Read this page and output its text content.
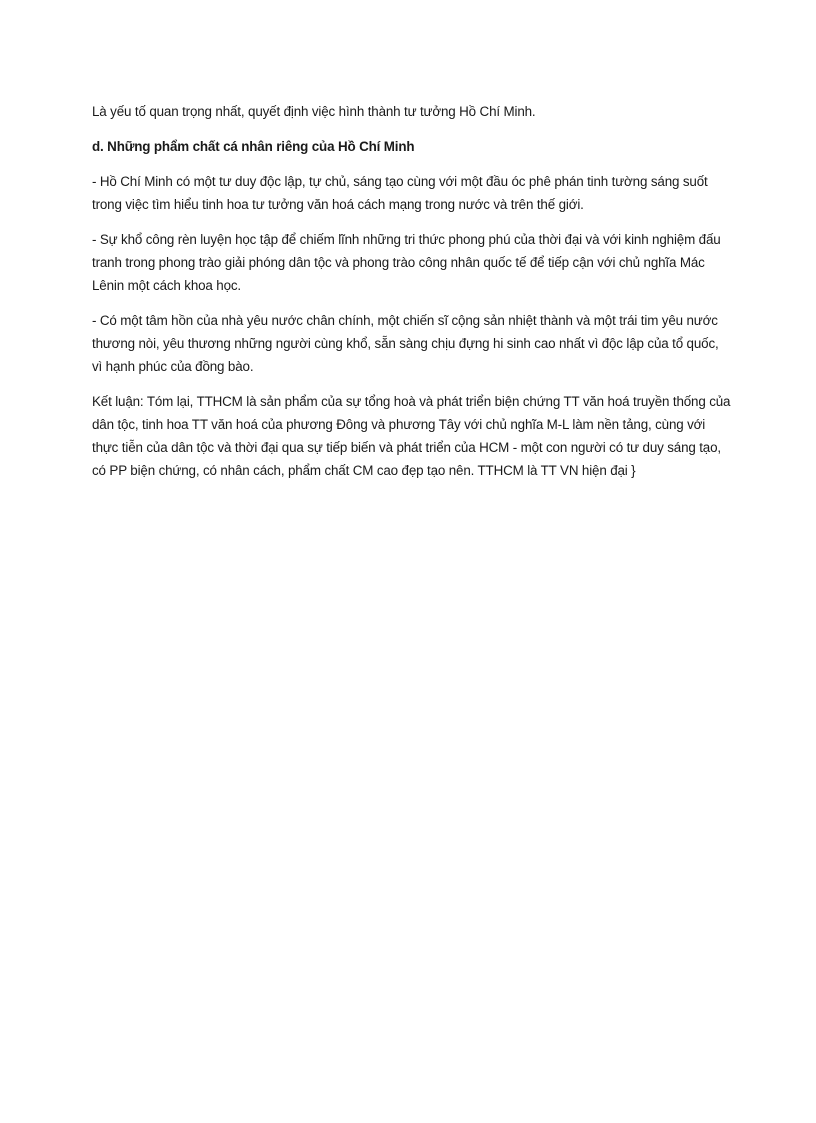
Là yếu tố quan trọng nhất, quyết định việc hình thành tư tưởng Hồ Chí Minh.

d. Những phẩm chất cá nhân riêng của Hồ Chí Minh

- Hồ Chí Minh có một tư duy độc lập, tự chủ, sáng tạo cùng với một đầu óc phê phán tinh tường sáng suốt trong việc tìm hiểu tinh hoa tư tưởng văn hoá cách mạng trong nước và trên thế giới.

- Sự khổ công rèn luyện học tập để chiếm lĩnh những tri thức phong phú của thời đại và với kinh nghiệm đấu tranh trong phong trào giải phóng dân tộc và phong trào công nhân quốc tế để tiếp cận với chủ nghĩa Mác Lênin một cách khoa học.

- Có một tâm hồn của nhà yêu nước chân chính, một chiến sĩ cộng sản nhiệt thành và một trái tim yêu nước thương nòi, yêu thương những người cùng khổ, sẵn sàng chịu đựng hi sinh cao nhất vì độc lập của tổ quốc, vì hạnh phúc của đồng bào.

Kết luận: Tóm lại, TTHCM là sản phẩm của sự tổng hoà và phát triển biện chứng TT văn hoá truyền thống của dân tộc, tinh hoa TT văn hoá của phương Đông và phương Tây với chủ nghĩa M-L làm nền tảng, cùng với thực tiễn của dân tộc và thời đại qua sự tiếp biến và phát triển của HCM - một con người có tư duy sáng tạo, có PP biện chứng, có nhân cách, phẩm chất CM cao đẹp tạo nên. TTHCM là TT VN hiện đại }
